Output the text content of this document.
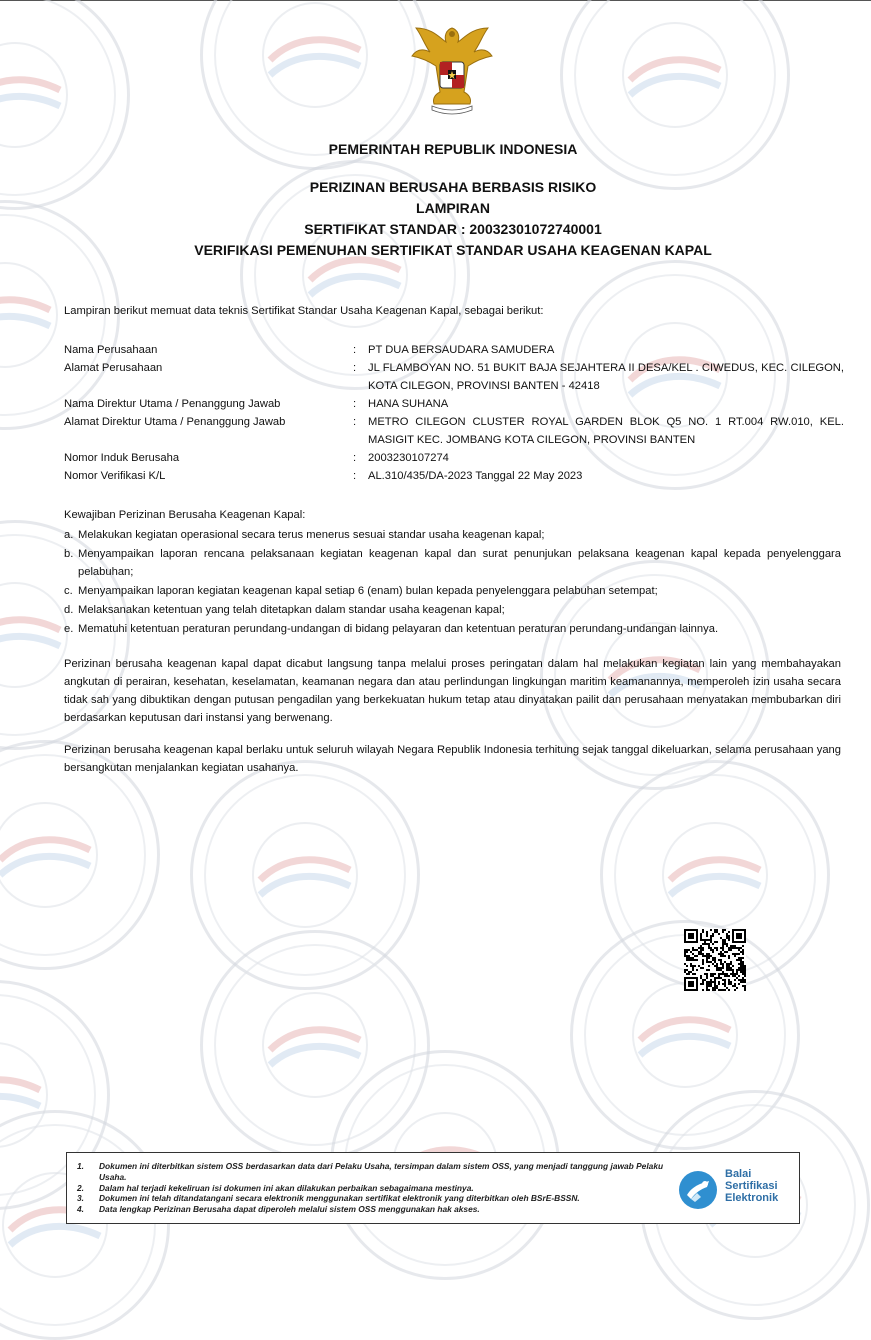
PEMERINTAH REPUBLIK INDONESIA
PERIZINAN BERUSAHA BERBASIS RISIKO
LAMPIRAN
SERTIFIKAT STANDAR : 20032301072740001
VERIFIKASI PEMENUHAN SERTIFIKAT STANDAR USAHA KEAGENAN KAPAL
Lampiran berikut memuat data teknis Sertifikat Standar Usaha Keagenan Kapal, sebagai berikut:
Nama Perusahaan	:	PT DUA BERSAUDARA SAMUDERA
Alamat Perusahaan	:	JL FLAMBOYAN NO. 51 BUKIT BAJA SEJAHTERA II DESA/KEL . CIWEDUS, KEC. CILEGON, KOTA CILEGON, PROVINSI BANTEN - 42418
Nama Direktur Utama / Penanggung Jawab	:	HANA SUHANA
Alamat Direktur Utama / Penanggung Jawab	:	METRO CILEGON CLUSTER ROYAL GARDEN BLOK Q5 NO. 1 RT.004 RW.010, KEL. MASIGIT KEC. JOMBANG KOTA CILEGON, PROVINSI BANTEN
Nomor Induk Berusaha	:	2003230107274
Nomor Verifikasi K/L	:	AL.310/435/DA-2023 Tanggal 22 May 2023
Kewajiban Perizinan Berusaha Keagenan Kapal:
a. Melakukan kegiatan operasional secara terus menerus sesuai standar usaha keagenan kapal;
b. Menyampaikan laporan rencana pelaksanaan kegiatan keagenan kapal dan surat penunjukan pelaksana keagenan kapal kepada penyelenggara pelabuhan;
c. Menyampaikan laporan kegiatan keagenan kapal setiap 6 (enam) bulan kepada penyelenggara pelabuhan setempat;
d. Melaksanakan ketentuan yang telah ditetapkan dalam standar usaha keagenan kapal;
e. Mematuhi ketentuan peraturan perundang-undangan di bidang pelayaran dan ketentuan peraturan perundang-undangan lainnya.
Perizinan berusaha keagenan kapal dapat dicabut langsung tanpa melalui proses peringatan dalam hal melakukan kegiatan lain yang membahayakan angkutan di perairan, kesehatan, keselamatan, keamanan negara dan atau perlindungan lingkungan maritim keamanannya, memperoleh izin usaha secara tidak sah yang dibuktikan dengan putusan pengadilan yang berkekuatan hukum tetap atau dinyatakan pailit dan perusahaan menyatakan membubarkan diri berdasarkan keputusan dari instansi yang berwenang.
Perizinan berusaha keagenan kapal berlaku untuk seluruh wilayah Negara Republik Indonesia terhitung sejak tanggal dikeluarkan, selama perusahaan yang bersangkutan menjalankan kegiatan usahanya.
1.	Dokumen ini diterbitkan sistem OSS berdasarkan data dari Pelaku Usaha, tersimpan dalam sistem OSS, yang menjadi tanggung jawab Pelaku Usaha.
2.	Dalam hal terjadi kekeliruan isi dokumen ini akan dilakukan perbaikan sebagaimana mestinya.
3.	Dokumen ini telah ditandatangani secara elektronik menggunakan sertifikat elektronik yang diterbitkan oleh BSrE-BSSN.
4.	Data lengkap Perizinan Berusaha dapat diperoleh melalui sistem OSS menggunakan hak akses.
Balai
Sertifikasi
Elektronik
